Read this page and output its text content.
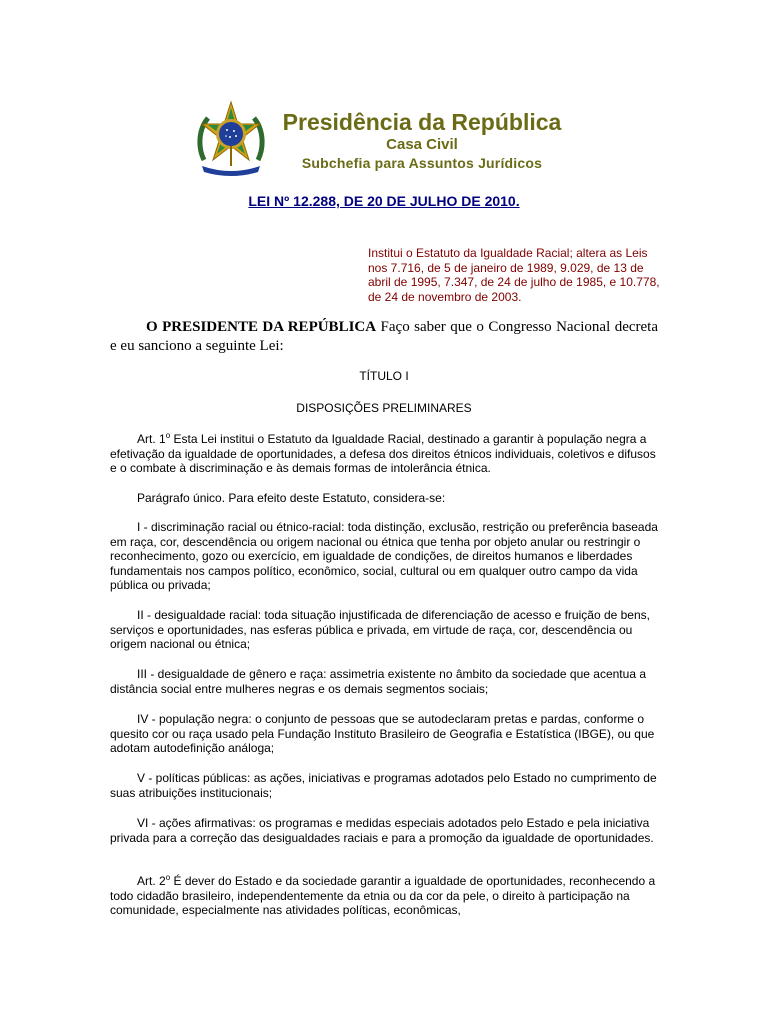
Presidência da República
Casa Civil
Subchefia para Assuntos Jurídicos
LEI Nº 12.288, DE 20 DE JULHO DE 2010.
Institui o Estatuto da Igualdade Racial; altera as Leis nos 7.716, de 5 de janeiro de 1989, 9.029, de 13 de abril de 1995, 7.347, de 24 de julho de 1985, e 10.778, de 24 de novembro de 2003.
O PRESIDENTE DA REPÚBLICA Faço saber que o Congresso Nacional decreta e eu sanciono a seguinte Lei:
TÍTULO I
DISPOSIÇÕES PRELIMINARES
Art. 1$^o$ Esta Lei institui o Estatuto da Igualdade Racial, destinado a garantir à população negra a efetivação da igualdade de oportunidades, a defesa dos direitos étnicos individuais, coletivos e difusos e o combate à discriminação e às demais formas de intolerância étnica.
Parágrafo único. Para efeito deste Estatuto, considera-se:
I - discriminação racial ou étnico-racial: toda distinção, exclusão, restrição ou preferência baseada em raça, cor, descendência ou origem nacional ou étnica que tenha por objeto anular ou restringir o reconhecimento, gozo ou exercício, em igualdade de condições, de direitos humanos e liberdades fundamentais nos campos político, econômico, social, cultural ou em qualquer outro campo da vida pública ou privada;
II - desigualdade racial: toda situação injustificada de diferenciação de acesso e fruição de bens, serviços e oportunidades, nas esferas pública e privada, em virtude de raça, cor, descendência ou origem nacional ou étnica;
III - desigualdade de gênero e raça: assimetria existente no âmbito da sociedade que acentua a distância social entre mulheres negras e os demais segmentos sociais;
IV - população negra: o conjunto de pessoas que se autodeclaram pretas e pardas, conforme o quesito cor ou raça usado pela Fundação Instituto Brasileiro de Geografia e Estatística (IBGE), ou que adotam autodefinição análoga;
V - políticas públicas: as ações, iniciativas e programas adotados pelo Estado no cumprimento de suas atribuições institucionais;
VI - ações afirmativas: os programas e medidas especiais adotados pelo Estado e pela iniciativa privada para a correção das desigualdades raciais e para a promoção da igualdade de oportunidades.
Art. 2$^o$ É dever do Estado e da sociedade garantir a igualdade de oportunidades, reconhecendo a todo cidadão brasileiro, independentemente da etnia ou da cor da pele, o direito à participação na comunidade, especialmente nas atividades políticas, econômicas,
